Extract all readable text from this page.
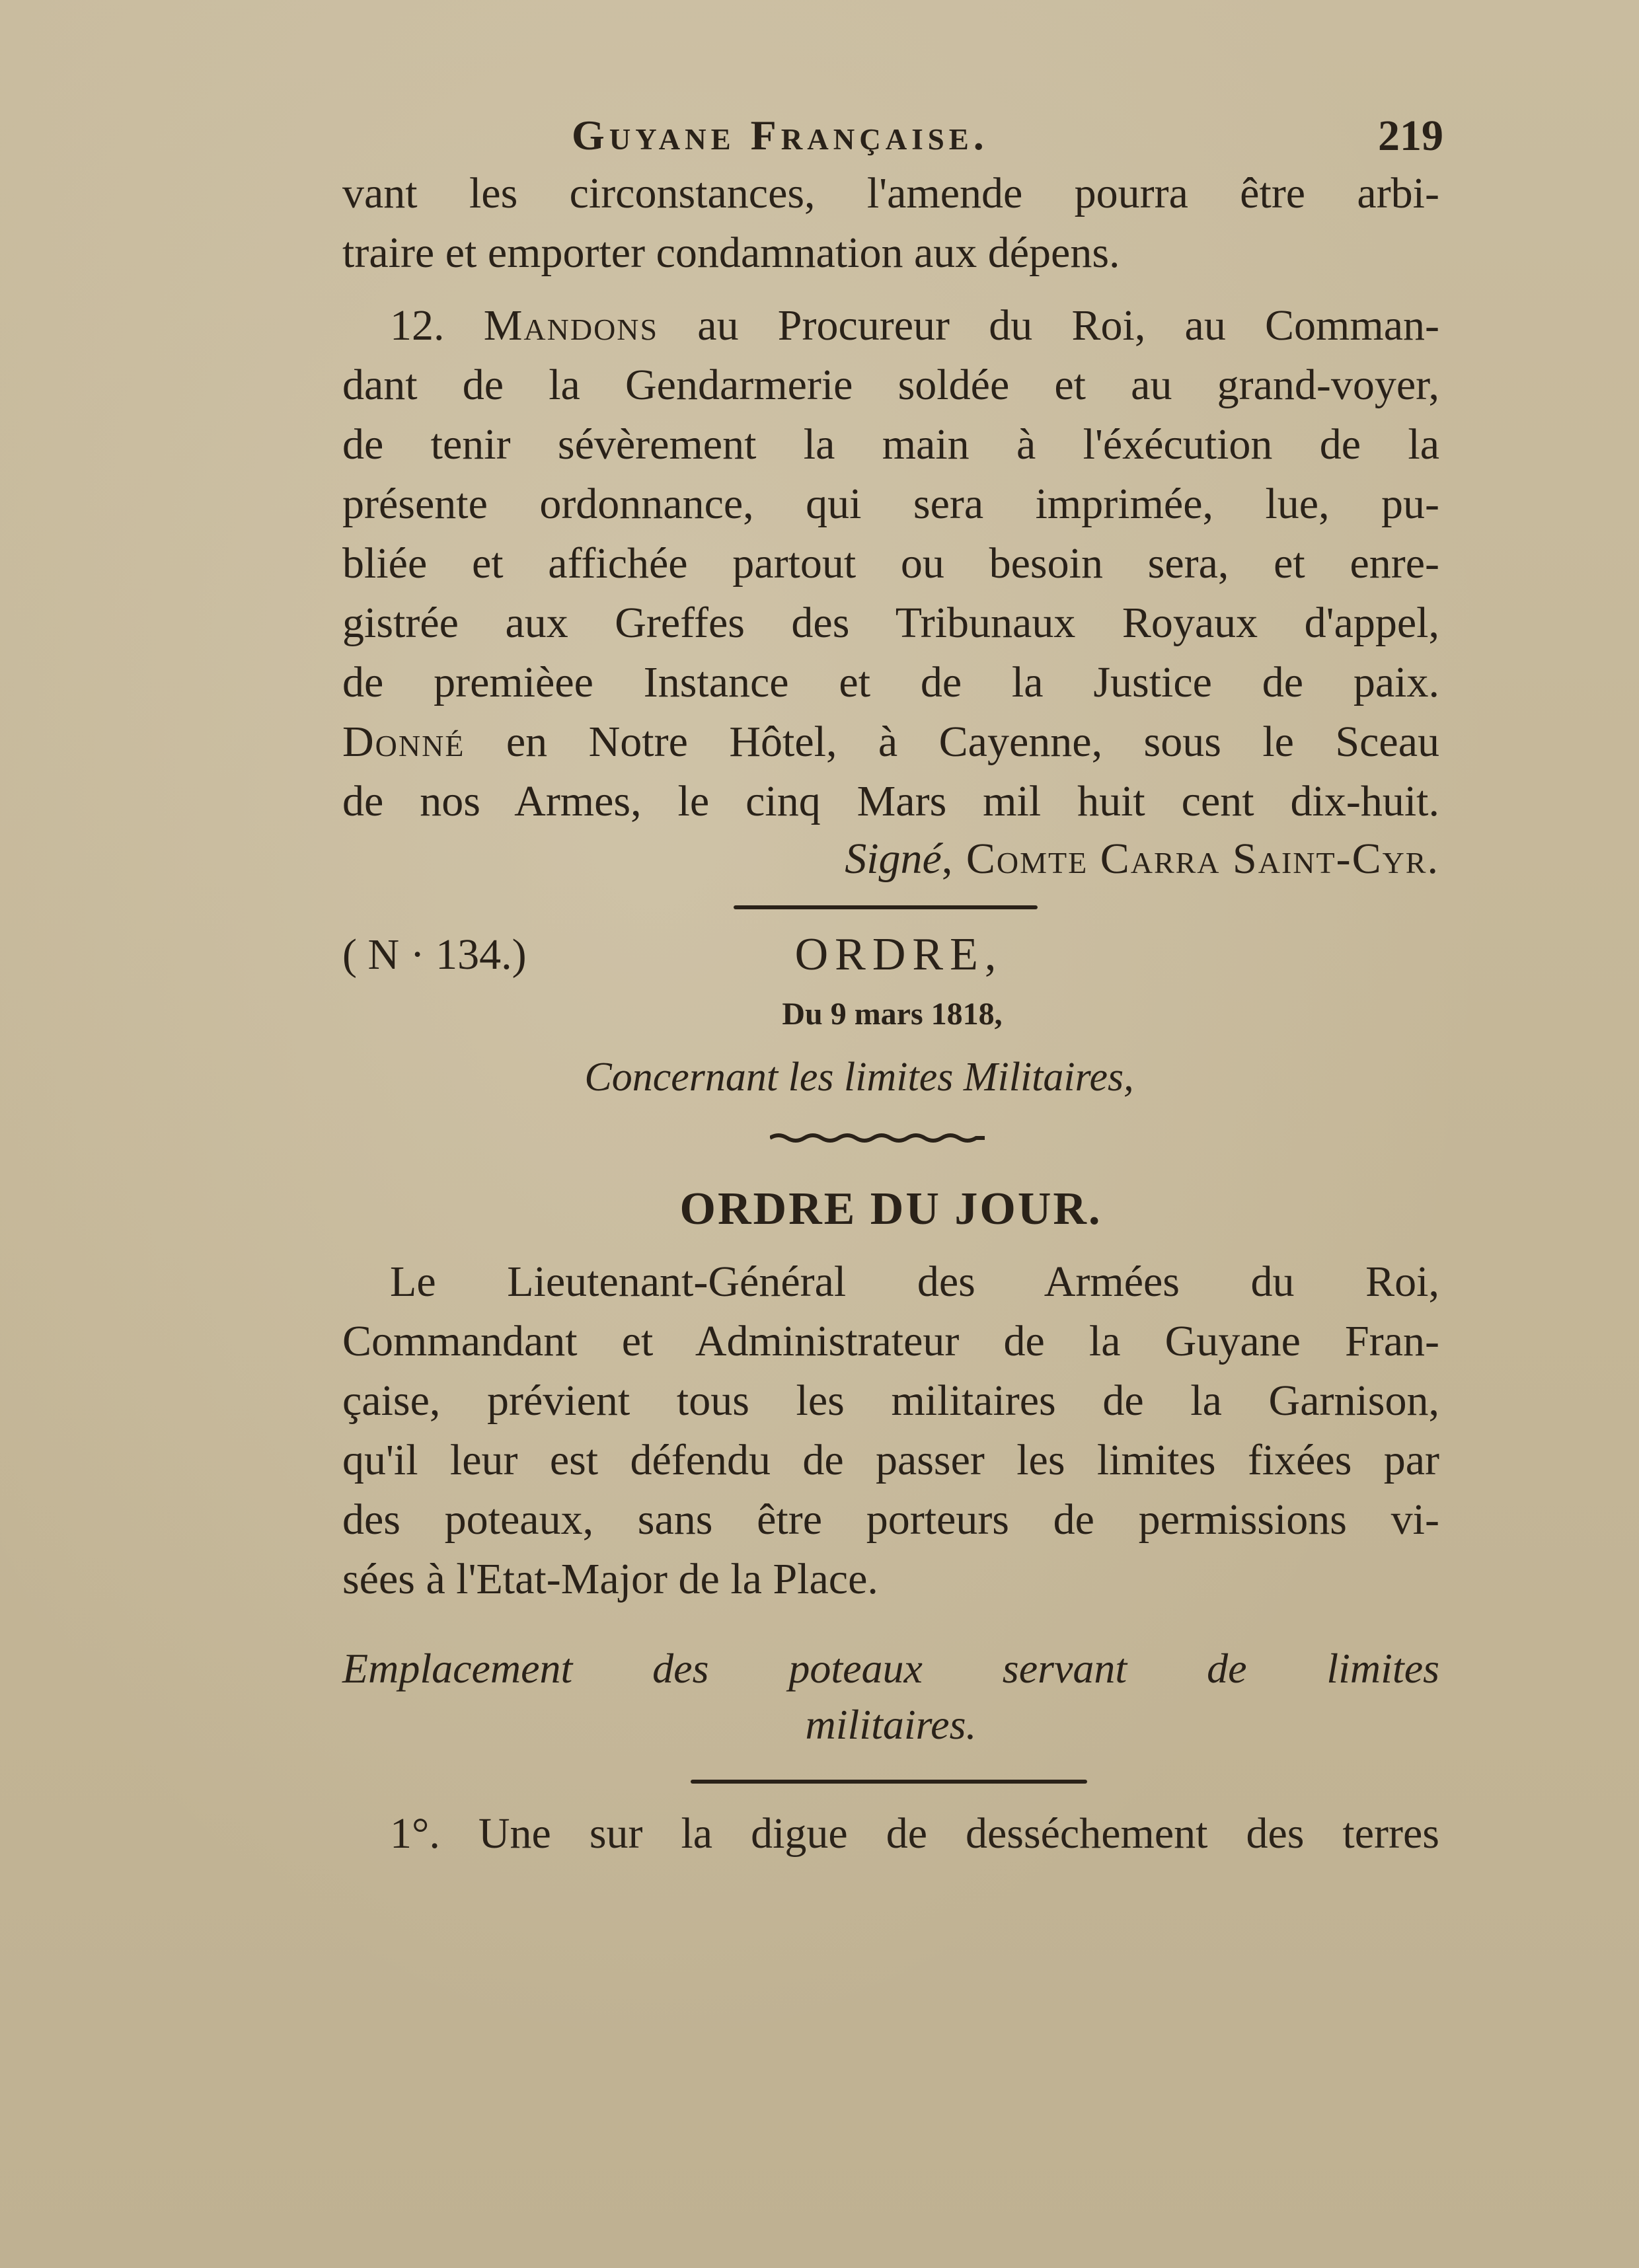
Guyane Française.	219
vant les circonstances, l'amende pourra être arbi-
traire et emporter condamnation aux dépens.
12. Mandons au Procureur du Roi, au Comman-
dant de la Gendarmerie soldée et au grand-voyer,
de tenir sévèrement la main à l'éxécution de la
présente ordonnance, qui sera imprimée, lue, pu-
bliée et affichée partout ou besoin sera, et enre-
gistrée aux Greffes des Tribunaux Royaux d'appel,
de premièee Instance et de la Justice de paix.
Donné en Notre Hôtel, à Cayenne, sous le Sceau
de nos Armes, le cinq Mars mil huit cent dix-huit.
Signé, Comte Carra Saint-Cyr.
( N · 134.)	ORDRE,
Du 9 mars 1818,
Concernant les limites Militaires,
ORDRE DU JOUR.
Le Lieutenant-Général des Armées du Roi,
Commandant et Administrateur de la Guyane Fran-
çaise, prévient tous les militaires de la Garnison,
qu'il leur est défendu de passer les limites fixées par
des poteaux, sans être porteurs de permissions vi-
sées à l'Etat-Major de la Place.
Emplacement des poteaux servant de limites
militaires.
1°. Une sur la digue de desséchement des terres
